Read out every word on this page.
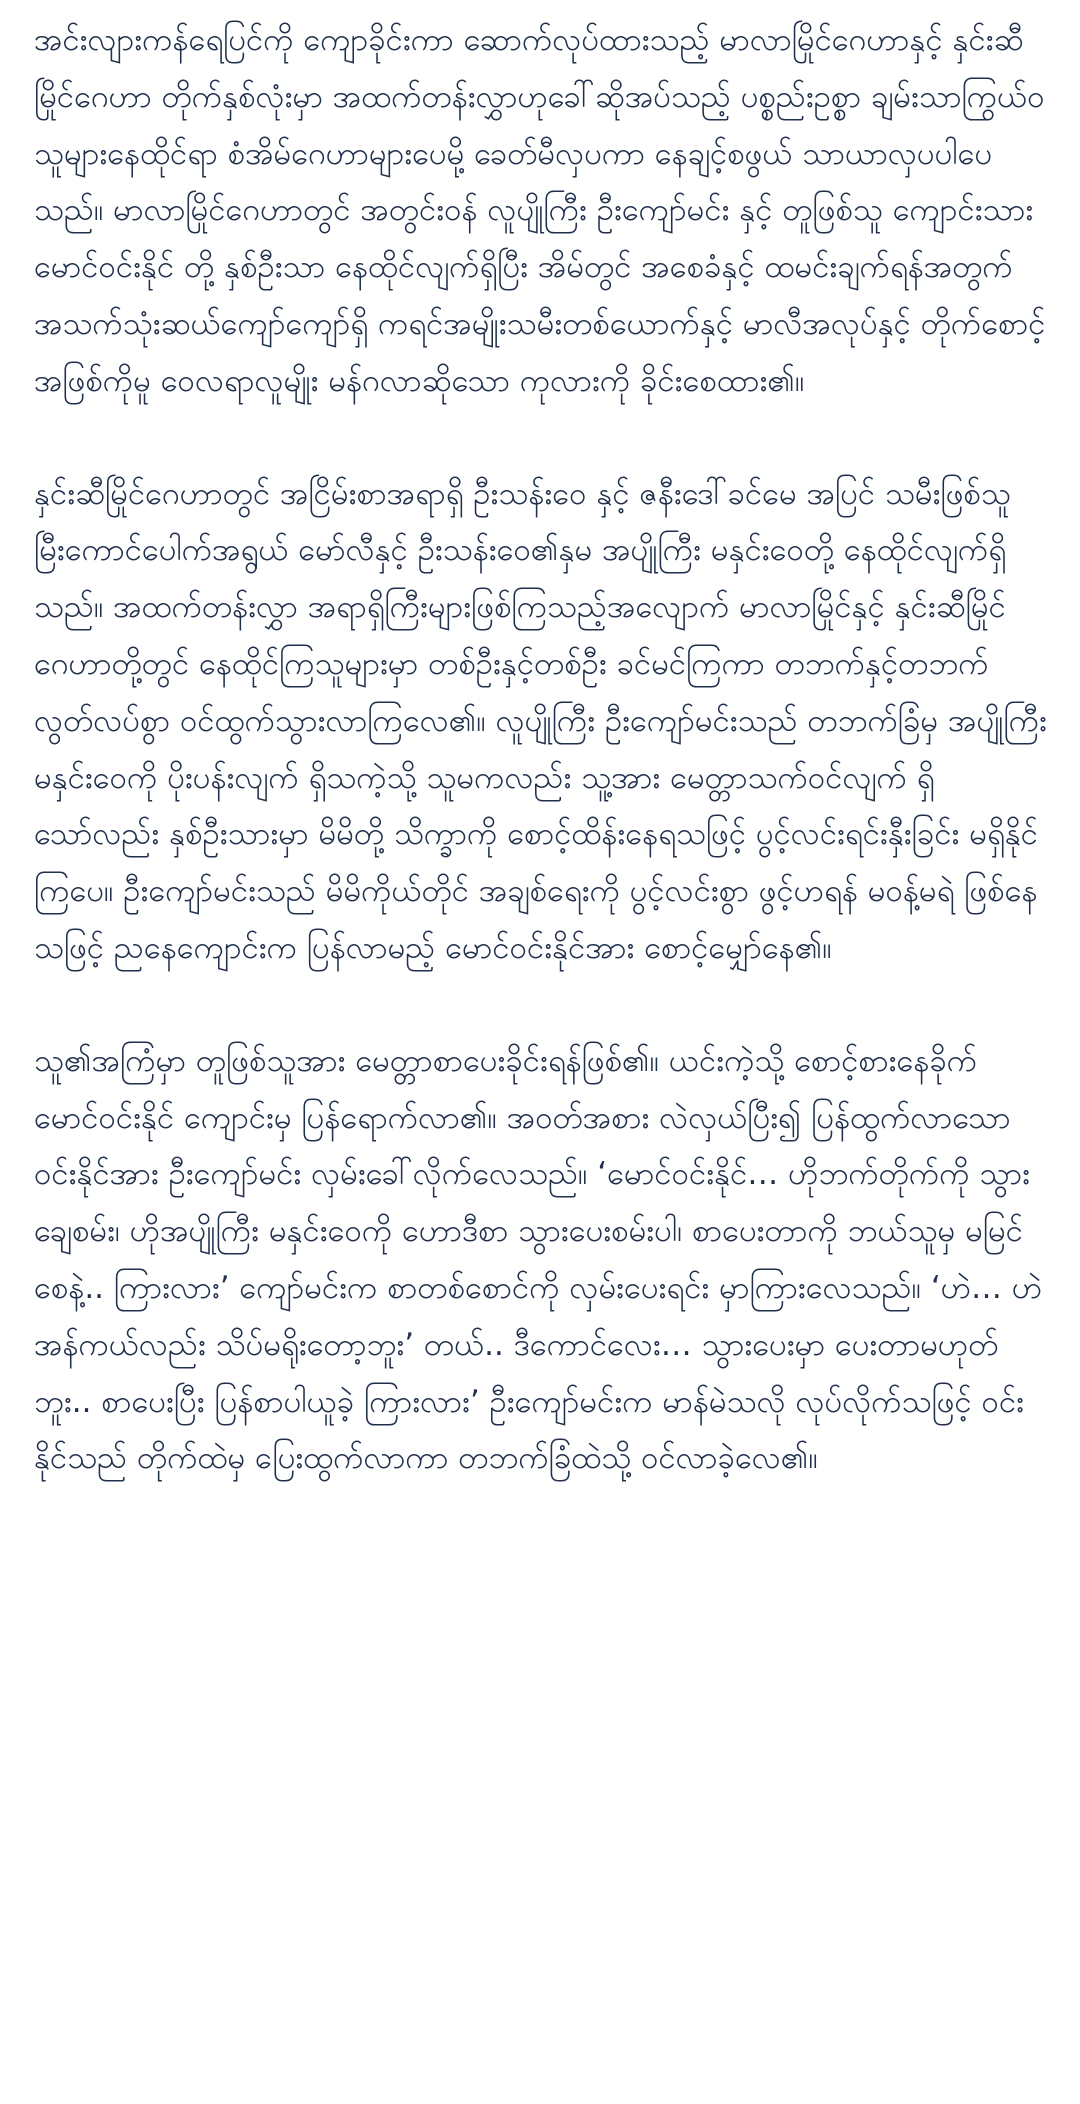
အင်းလျားကန်ရေပြင်ကို ကျောခိုင်းကာ ဆောက်လုပ်ထားသည့် မာလာမြိုင်ဂေဟာနှင့် နှင်းဆီမြိုင်ဂေဟာ တိုက်နှစ်လုံးမှာ အထက်တန်းလွှာဟုခေါ်ဆိုအပ်သည့် ပစ္စည်းဥစ္စာ ချမ်းသာကြွယ်ဝသူများနေထိုင်ရာ စံအိမ်ဂေဟာများပေမို့ ခေတ်မီလှပကာ နေချင့်စဖွယ် သာယာလှပပါပေသည်။ မာလာမြိုင်ဂေဟာတွင် အတွင်းဝန် လူပျိုကြီး ဦးကျော်မင်း နှင့် တူဖြစ်သူ ကျောင်းသား မောင်ဝင်းနိုင် တို့ နှစ်ဦးသာ နေထိုင်လျက်ရှိပြီး အိမ်တွင် အစေခံနှင့် ထမင်းချက်ရန်အတွက် အသက်သုံးဆယ်ကျော်ကျော်ရှိ ကရင်အမျိုးသမီးတစ်ယောက်နှင့် မာလီအလုပ်နှင့် တိုက်စောင့်အဖြစ်ကိုမူ ဝေလရာလူမျိုး မန်ဂလာဆိုသော ကုလားကို ခိုင်းစေထား၏။

နှင်းဆီမြိုင်ဂေဟာတွင် အငြိမ်းစာအရာရှိ ဦးသန်းဝေ နှင့် ဇနီးဒေါ်ခင်မေ အပြင် သမီးဖြစ်သူ မြီးကောင်ပေါက်အရွယ် မော်လီနှင့် ဦးသန်းဝေ၏နှမ အပျိုကြီး မနှင်းဝေတို့ နေထိုင်လျက်ရှိသည်။ အထက်တန်းလွှာ အရာရှိကြီးများဖြစ်ကြသည့်အလျောက် မာလာမြိုင်နှင့် နှင်းဆီမြိုင်ဂေဟာတို့တွင် နေထိုင်ကြသူများမှာ တစ်ဦးနှင့်တစ်ဦး ခင်မင်ကြကာ တဘက်နှင့်တဘက် လွတ်လပ်စွာ ဝင်ထွက်သွားလာကြလေ၏။ လူပျိုကြီး ဦးကျော်မင်းသည် တဘက်ခြံမှ အပျိုကြီး မနှင်းဝေကို ပိုးပန်းလျက် ရှိသကဲ့သို့ သူမကလည်း သူ့အား မေတ္တာသက်ဝင်လျက် ရှိသော်လည်း နှစ်ဦးသားမှာ မိမိတို့ သိက္ခာကို စောင့်ထိန်းနေရသဖြင့် ပွင့်လင်းရင်းနှီးခြင်း မရှိနိုင်ကြပေ။ ဦးကျော်မင်းသည် မိမိကိုယ်တိုင် အချစ်ရေးကို ပွင့်လင်းစွာ ဖွင့်ဟရန် မဝန့်မရဲ ဖြစ်နေသဖြင့် ညနေကျောင်းက ပြန်လာမည့် မောင်ဝင်းနိုင်အား စောင့်မျှော်နေ၏။

သူ၏အကြံမှာ တူဖြစ်သူအား မေတ္တာစာပေးခိုင်းရန်ဖြစ်၏။ ယင်းကဲ့သို့ စောင့်စားနေခိုက် မောင်ဝင်းနိုင် ကျောင်းမှ ပြန်ရောက်လာ၏။ အဝတ်အစား လဲလှယ်ပြီး၍ ပြန်ထွက်လာသော ဝင်းနိုင်အား ဦးကျော်မင်း လှမ်းခေါ်လိုက်လေသည်။ ‘မောင်ဝင်းနိုင်… ဟိုဘက်တိုက်ကို သွားချေစမ်း၊ ဟိုအပျိုကြီး မနှင်းဝေကို ဟောဒီစာ သွားပေးစမ်းပါ၊ စာပေးတာကို ဘယ်သူမှ မမြင်စေနဲ့.. ကြားလား’ ကျော်မင်းက စာတစ်စောင်ကို လှမ်းပေးရင်း မှာကြားလေသည်။ ‘ဟဲ… ဟဲ အန်ကယ်လည်း သိပ်မရိုးတော့ဘူး’ တယ်.. ဒီကောင်လေး… သွားပေးမှာ ပေးတာမဟုတ်ဘူး.. စာပေးပြီး ပြန်စာပါယူခဲ့ ကြားလား’ ဦးကျော်မင်းက မာန်မဲသလို လုပ်လိုက်သဖြင့် ဝင်းနိုင်သည် တိုက်ထဲမှ ပြေးထွက်လာကာ တဘက်ခြံထဲသို့ ဝင်လာခဲ့လေ၏။
